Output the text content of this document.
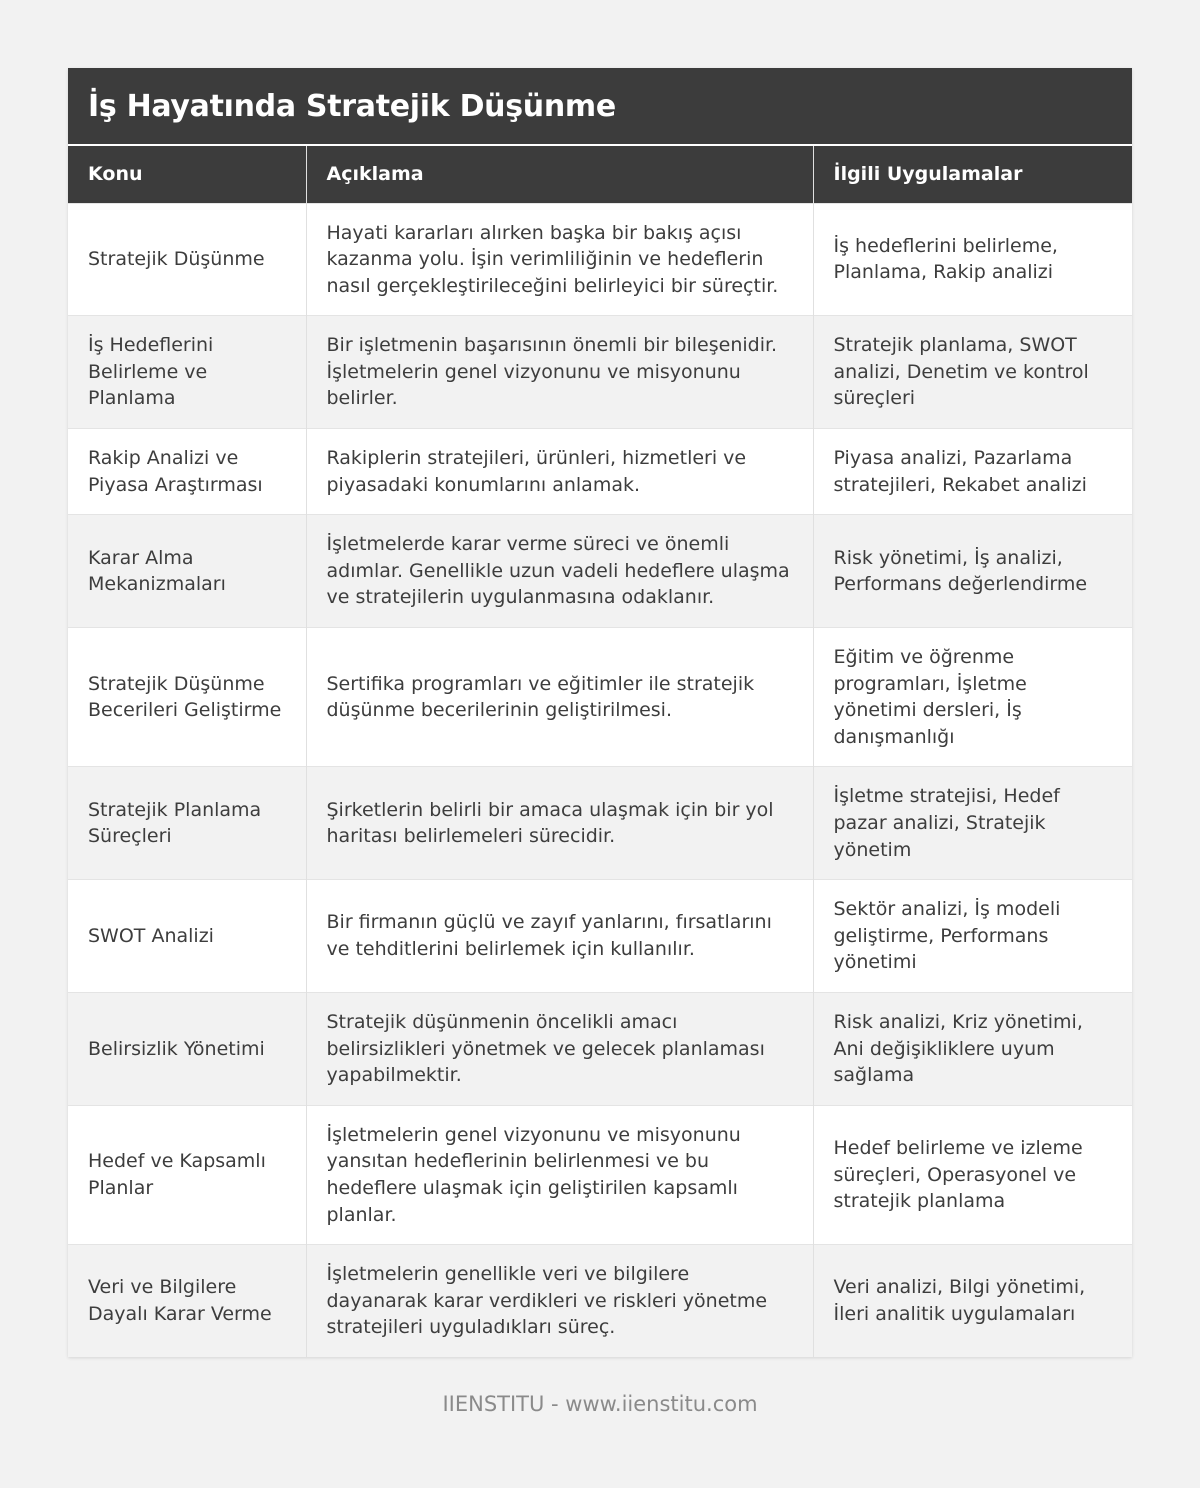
İş Hayatında Stratejik Düşünme
Konu	Açıklama	İlgili Uygulamalar
Stratejik Düşünme	Hayati kararları alırken başka bir bakış açısı kazanma yolu. İşin verimliliğinin ve hedeflerin nasıl gerçekleştirileceğini belirleyici bir süreçtir.	İş hedeflerini belirleme, Planlama, Rakip analizi
İş Hedeflerini Belirleme ve Planlama	Bir işletmenin başarısının önemli bir bileşenidir. İşletmelerin genel vizyonunu ve misyonunu belirler.	Stratejik planlama, SWOT analizi, Denetim ve kontrol süreçleri
Rakip Analizi ve Piyasa Araştırması	Rakiplerin stratejileri, ürünleri, hizmetleri ve piyasadaki konumlarını anlamak.	Piyasa analizi, Pazarlama stratejileri, Rekabet analizi
Karar Alma Mekanizmaları	İşletmelerde karar verme süreci ve önemli adımlar. Genellikle uzun vadeli hedeflere ulaşma ve stratejilerin uygulanmasına odaklanır.	Risk yönetimi, İş analizi, Performans değerlendirme
Stratejik Düşünme Becerileri Geliştirme	Sertifika programları ve eğitimler ile stratejik düşünme becerilerinin geliştirilmesi.	Eğitim ve öğrenme programları, İşletme yönetimi dersleri, İş danışmanlığı
Stratejik Planlama Süreçleri	Şirketlerin belirli bir amaca ulaşmak için bir yol haritası belirlemeleri sürecidir.	İşletme stratejisi, Hedef pazar analizi, Stratejik yönetim
SWOT Analizi	Bir firmanın güçlü ve zayıf yanlarını, fırsatlarını ve tehditlerini belirlemek için kullanılır.	Sektör analizi, İş modeli geliştirme, Performans yönetimi
Belirsizlik Yönetimi	Stratejik düşünmenin öncelikli amacı belirsizlikleri yönetmek ve gelecek planlaması yapabilmektir.	Risk analizi, Kriz yönetimi, Ani değişikliklere uyum sağlama
Hedef ve Kapsamlı Planlar	İşletmelerin genel vizyonunu ve misyonunu yansıtan hedeflerinin belirlenmesi ve bu hedeflere ulaşmak için geliştirilen kapsamlı planlar.	Hedef belirleme ve izleme süreçleri, Operasyonel ve stratejik planlama
Veri ve Bilgilere Dayalı Karar Verme	İşletmelerin genellikle veri ve bilgilere dayanarak karar verdikleri ve riskleri yönetme stratejileri uyguladıkları süreç.	Veri analizi, Bilgi yönetimi, İleri analitik uygulamaları
IIENSTITU - www.iienstitu.com
